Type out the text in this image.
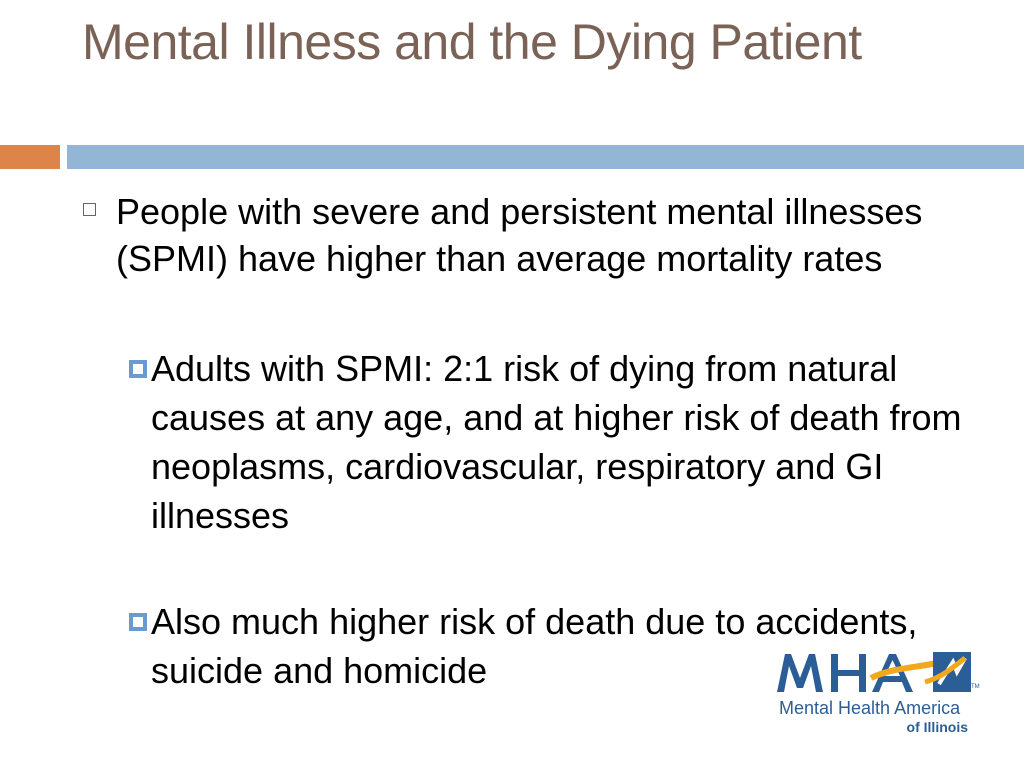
Mental Illness and the Dying Patient
People with severe and persistent mental illnesses (SPMI) have higher than average mortality rates
Adults with SPMI: 2:1 risk of dying from natural causes at any age, and at higher risk of death from neoplasms, cardiovascular, respiratory and GI illnesses
Also much higher risk of death due to accidents, suicide and homicide	TM
Mental Health America
of Illinois
